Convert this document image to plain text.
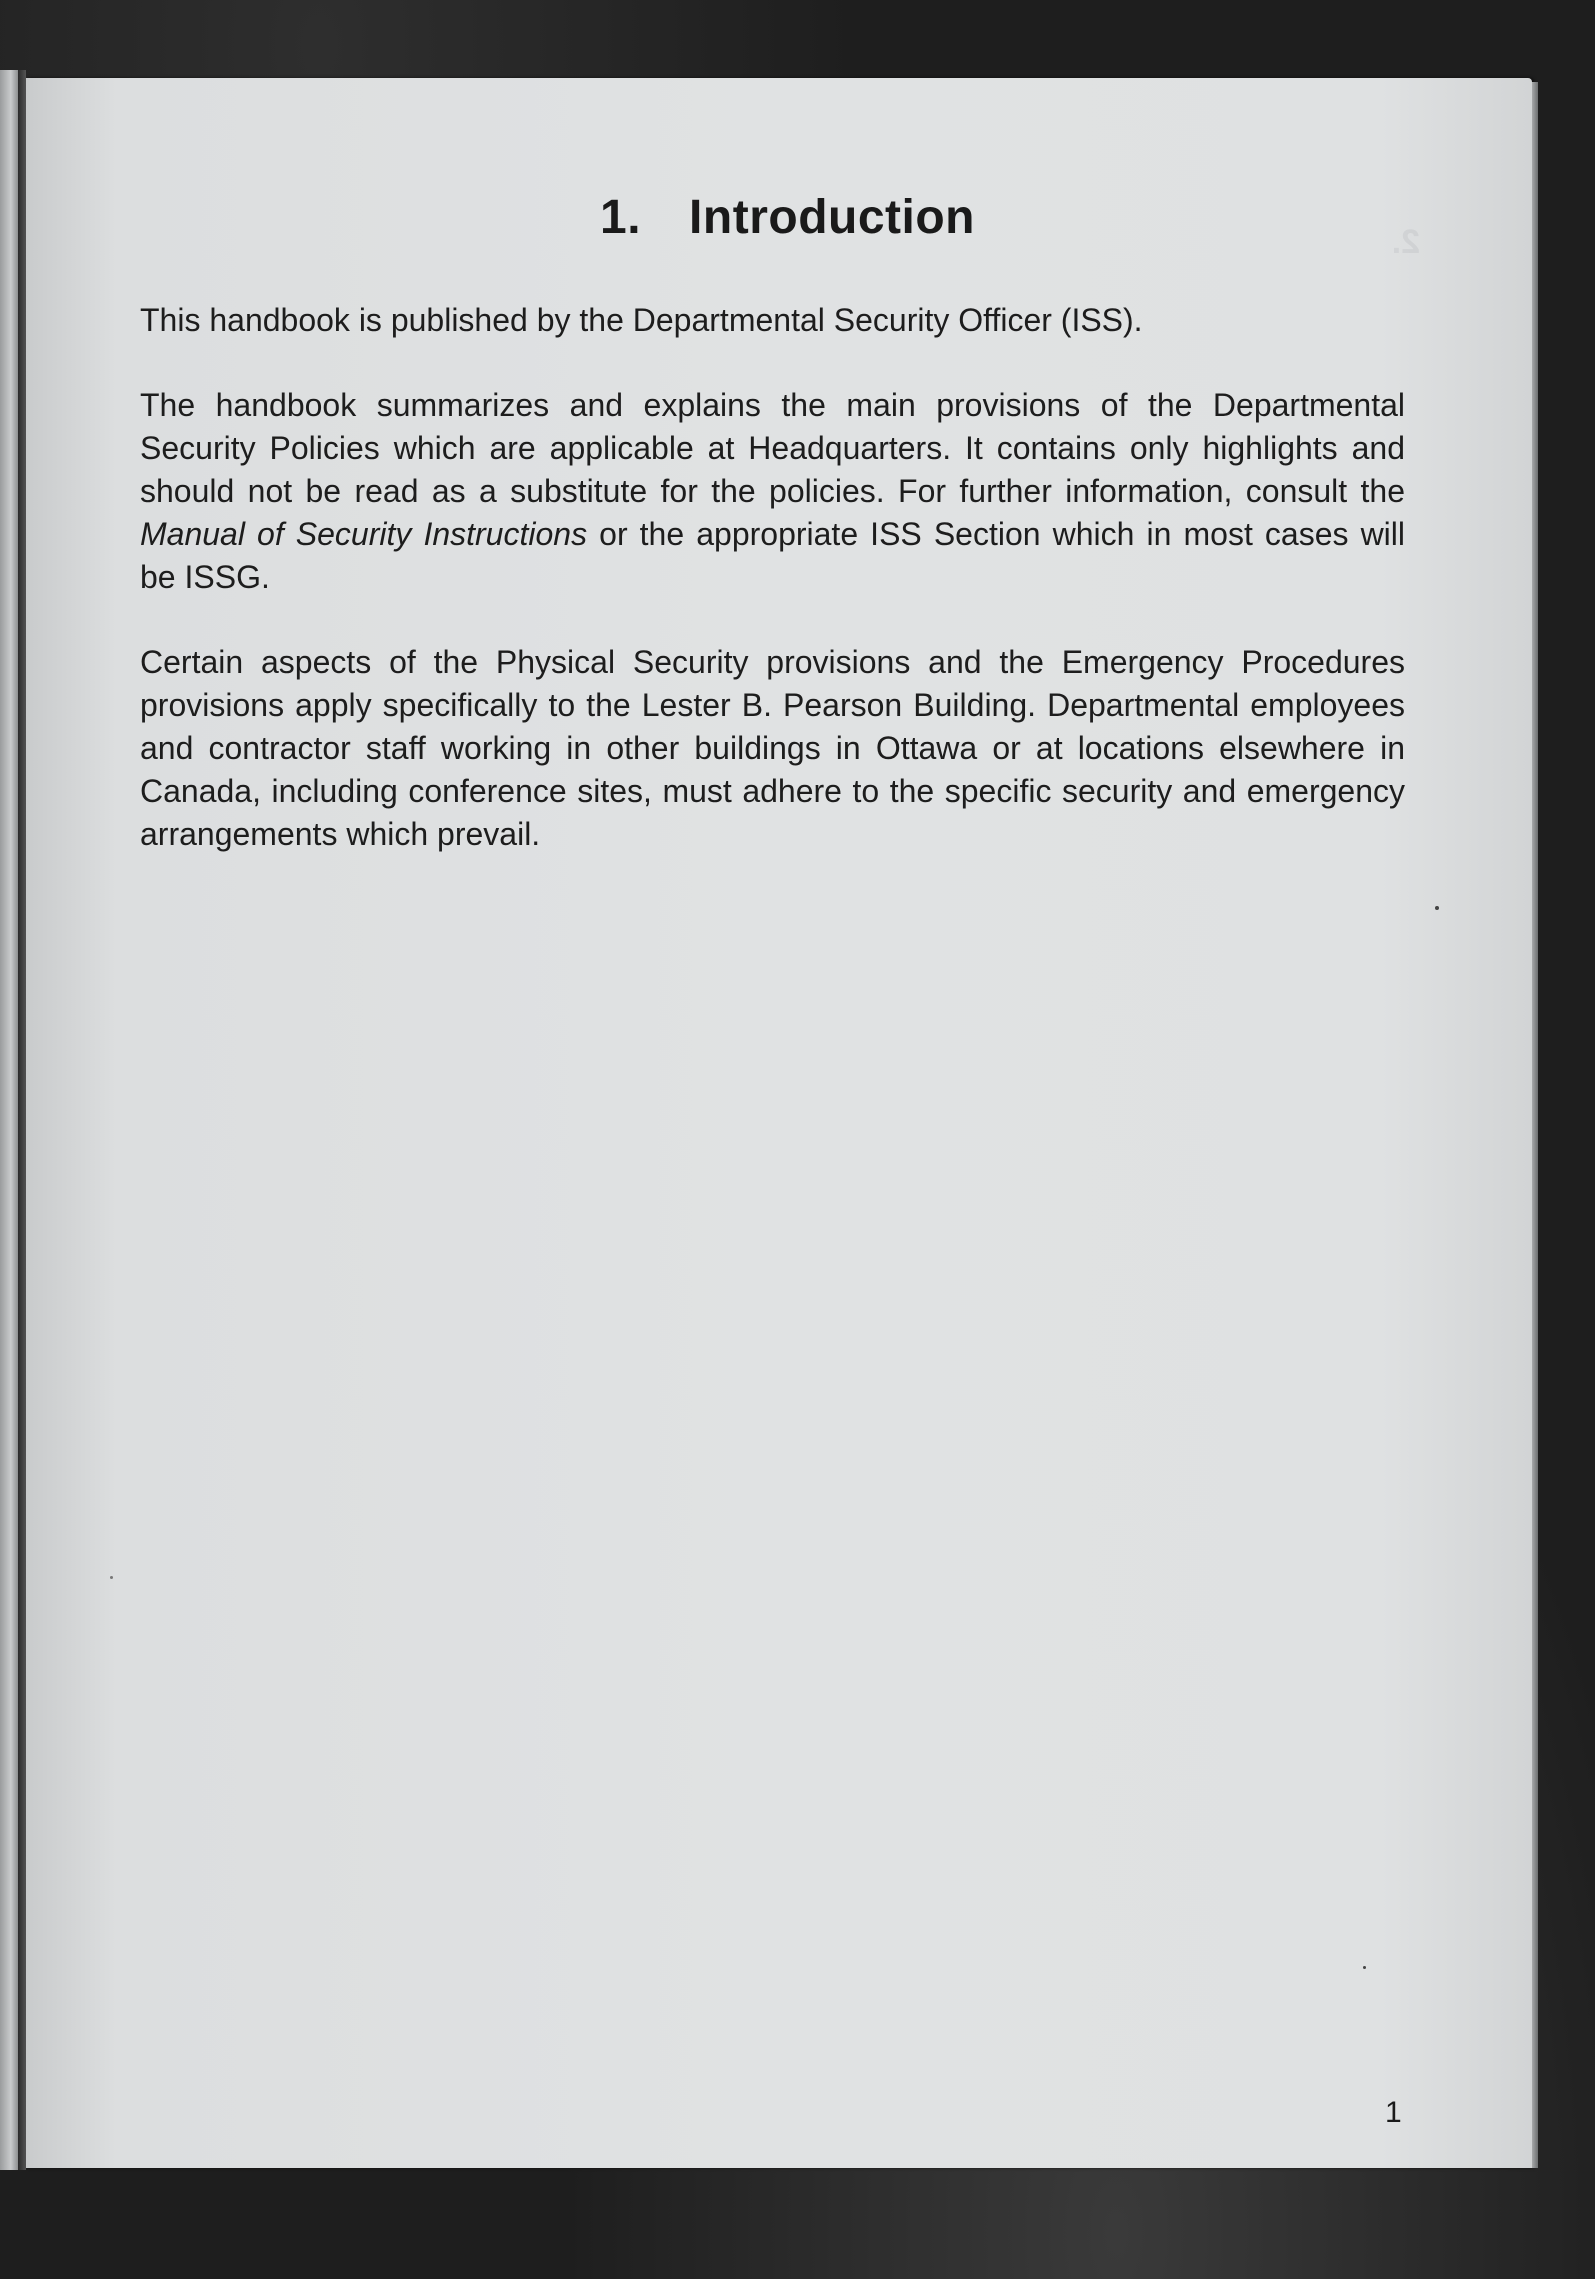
1. Introduction

This handbook is published by the Departmental Security Officer (ISS).

The handbook summarizes and explains the main provisions of the Departmental Security Policies which are applicable at Headquarters. It contains only highlights and should not be read as a substitute for the policies. For further information, consult the Manual of Security Instructions or the appropriate ISS Section which in most cases will be ISSG.

Certain aspects of the Physical Security provisions and the Emergency Procedures provisions apply specifically to the Lester B. Pearson Building. Departmental employees and contractor staff working in other buildings in Ottawa or at locations elsewhere in Canada, including conference sites, must adhere to the specific security and emergency arrangements which prevail.

1
